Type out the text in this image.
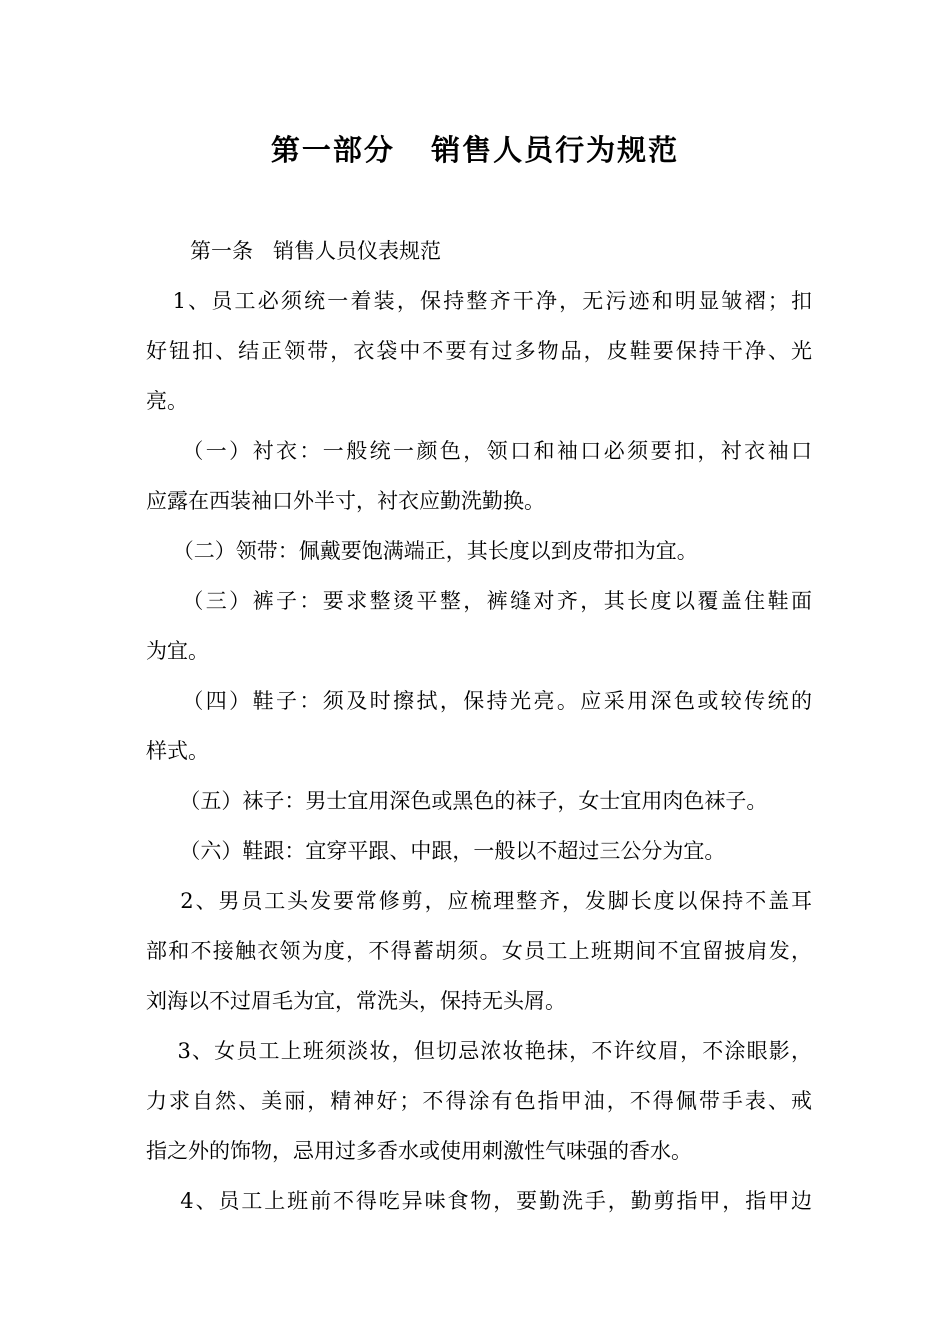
第一部分   销售人员行为规范
第一条   销售人员仪表规范
1、员工必须统一着装，保持整齐干净，无污迹和明显皱褶；扣
好钮扣、结正领带，衣袋中不要有过多物品，皮鞋要保持干净、光
亮。
（一）衬衣：一般统一颜色，领口和袖口必须要扣，衬衣袖口
应露在西装袖口外半寸，衬衣应勤洗勤换。
（二）领带：佩戴要饱满端正，其长度以到皮带扣为宜。
（三）裤子：要求整烫平整，裤缝对齐，其长度以覆盖住鞋面
为宜。
（四）鞋子：须及时擦拭，保持光亮。应采用深色或较传统的
样式。
（五）袜子：男士宜用深色或黑色的袜子，女士宜用肉色袜子。
（六）鞋跟：宜穿平跟、中跟，一般以不超过三公分为宜。
2、男员工头发要常修剪，应梳理整齐，发脚长度以保持不盖耳
部和不接触衣领为度，不得蓄胡须。女员工上班期间不宜留披肩发，
刘海以不过眉毛为宜，常洗头，保持无头屑。
3、女员工上班须淡妆，但切忌浓妆艳抹，不许纹眉，不涂眼影，
力求自然、美丽，精神好；不得涂有色指甲油，不得佩带手表、戒
指之外的饰物，忌用过多香水或使用刺激性气味强的香水。
4、员工上班前不得吃异味食物，要勤洗手，勤剪指甲，指甲边
